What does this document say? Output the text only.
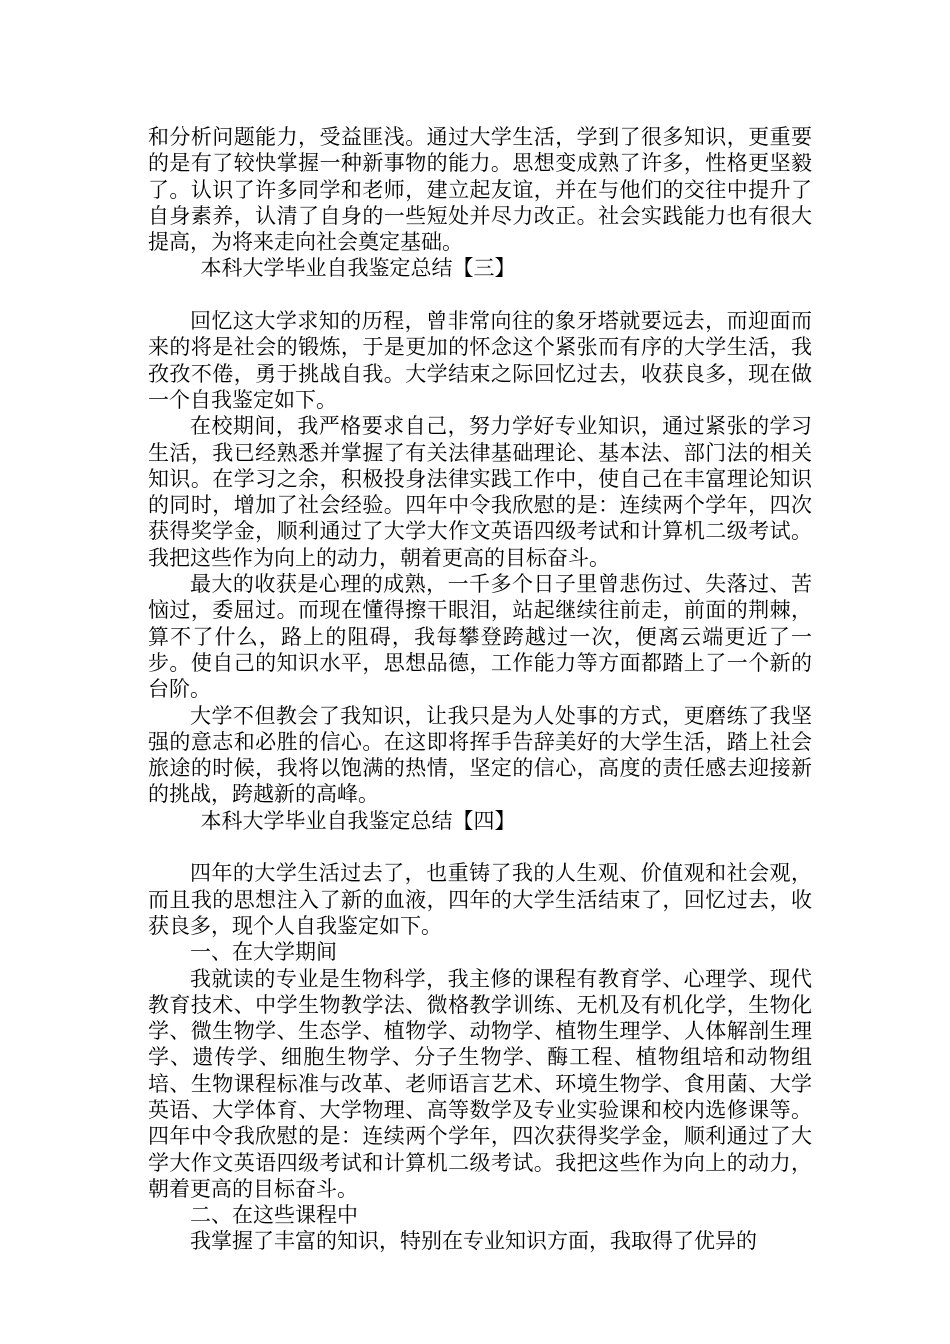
和分析问题能力，受益匪浅。通过大学生活，学到了很多知识，更重要的是有了较快掌握一种新事物的能力。思想变成熟了许多，性格更坚毅了。认识了许多同学和老师，建立起友谊，并在与他们的交往中提升了自身素养，认清了自身的一些短处并尽力改正。社会实践能力也有很大提高，为将来走向社会奠定基础。

本科大学毕业自我鉴定总结【三】

回忆这大学求知的历程，曾非常向往的象牙塔就要远去，而迎面而来的将是社会的锻炼，于是更加的怀念这个紧张而有序的大学生活，我孜孜不倦，勇于挑战自我。大学结束之际回忆过去，收获良多，现在做一个自我鉴定如下。

在校期间，我严格要求自己，努力学好专业知识，通过紧张的学习生活，我已经熟悉并掌握了有关法律基础理论、基本法、部门法的相关知识。在学习之余，积极投身法律实践工作中，使自己在丰富理论知识的同时，增加了社会经验。四年中令我欣慰的是：连续两个学年，四次获得奖学金，顺利通过了大学大作文英语四级考试和计算机二级考试。我把这些作为向上的动力，朝着更高的目标奋斗。

最大的收获是心理的成熟，一千多个日子里曾悲伤过、失落过、苦恼过，委屈过。而现在懂得擦干眼泪，站起继续往前走，前面的荆棘，算不了什么，路上的阻碍，我每攀登跨越过一次，便离云端更近了一步。使自己的知识水平，思想品德，工作能力等方面都踏上了一个新的台阶。

大学不但教会了我知识，让我只是为人处事的方式，更磨练了我坚强的意志和必胜的信心。在这即将挥手告辞美好的大学生活，踏上社会旅途的时候，我将以饱满的热情，坚定的信心，高度的责任感去迎接新的挑战，跨越新的高峰。

本科大学毕业自我鉴定总结【四】

四年的大学生活过去了，也重铸了我的人生观、价值观和社会观，而且我的思想注入了新的血液，四年的大学生活结束了，回忆过去，收获良多，现个人自我鉴定如下。

一、在大学期间

我就读的专业是生物科学，我主修的课程有教育学、心理学、现代教育技术、中学生物教学法、微格教学训练、无机及有机化学，生物化学、微生物学、生态学、植物学、动物学、植物生理学、人体解剖生理学、遗传学、细胞生物学、分子生物学、酶工程、植物组培和动物组培、生物课程标准与改革、老师语言艺术、环境生物学、食用菌、大学英语、大学体育、大学物理、高等数学及专业实验课和校内选修课等。四年中令我欣慰的是：连续两个学年，四次获得奖学金，顺利通过了大学大作文英语四级考试和计算机二级考试。我把这些作为向上的动力，朝着更高的目标奋斗。

二、在这些课程中

我掌握了丰富的知识，特别在专业知识方面，我取得了优异的
